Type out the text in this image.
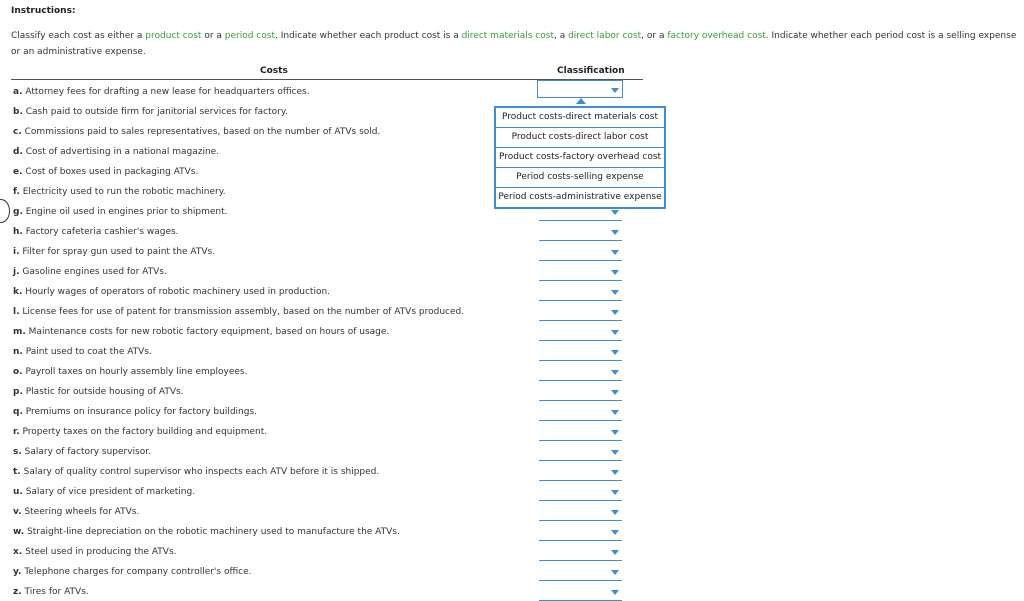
Instructions:
Classify each cost as either a product cost or a period cost. Indicate whether each product cost is a direct materials cost, a direct labor cost, or a factory overhead cost. Indicate whether each period cost is a selling expense or an administrative expense.
Costs	Classification
a. Attorney fees for drafting a new lease for headquarters offices.
b. Cash paid to outside firm for janitorial services for factory.
c. Commissions paid to sales representatives, based on the number of ATVs sold.
d. Cost of advertising in a national magazine.
e. Cost of boxes used in packaging ATVs.
f. Electricity used to run the robotic machinery.
g. Engine oil used in engines prior to shipment.
h. Factory cafeteria cashier's wages.
i. Filter for spray gun used to paint the ATVs.
j. Gasoline engines used for ATVs.
k. Hourly wages of operators of robotic machinery used in production.
l. License fees for use of patent for transmission assembly, based on the number of ATVs produced.
m. Maintenance costs for new robotic factory equipment, based on hours of usage.
n. Paint used to coat the ATVs.
o. Payroll taxes on hourly assembly line employees.
p. Plastic for outside housing of ATVs.
q. Premiums on insurance policy for factory buildings.
r. Property taxes on the factory building and equipment.
s. Salary of factory supervisor.
t. Salary of quality control supervisor who inspects each ATV before it is shipped.
u. Salary of vice president of marketing.
v. Steering wheels for ATVs.
w. Straight-line depreciation on the robotic machinery used to manufacture the ATVs.
x. Steel used in producing the ATVs.
y. Telephone charges for company controller's office.
z. Tires for ATVs.
Product costs-direct materials cost
Product costs-direct labor cost
Product costs-factory overhead cost
Period costs-selling expense
Period costs-administrative expense
